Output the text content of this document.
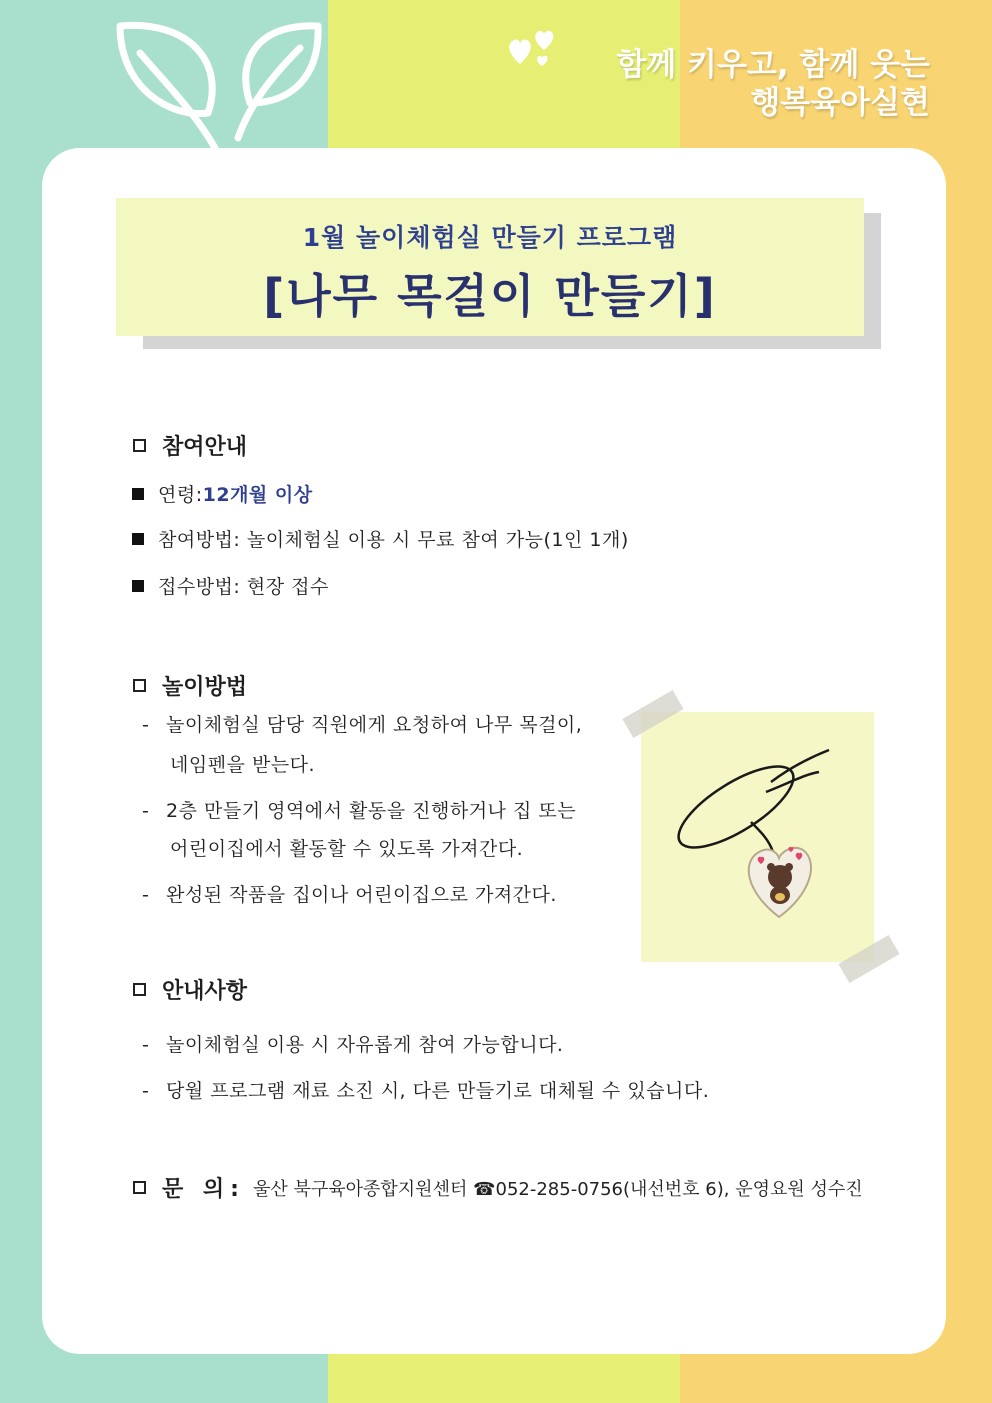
함께 키우고, 함께 웃는
행복육아실현
1월 놀이체험실 만들기 프로그램
[나무 목걸이 만들기]
참여안내
연령: 12개월 이상
참여방법: 놀이체험실 이용 시 무료 참여 가능(1인 1개)
접수방법: 현장 접수
놀이방법
- 놀이체험실 담당 직원에게 요청하여 나무 목걸이,
네임펜을 받는다.
- 2층 만들기 영역에서 활동을 진행하거나 집 또는
어린이집에서 활동할 수 있도록 가져간다.
- 완성된 작품을 집이나 어린이집으로 가져간다.
안내사항
- 놀이체험실 이용 시 자유롭게 참여 가능합니다.
- 당월 프로그램 재료 소진 시, 다른 만들기로 대체될 수 있습니다.
문 의: 울산 북구육아종합지원센터 ☎052-285-0756(내선번호 6), 운영요원 성수진
